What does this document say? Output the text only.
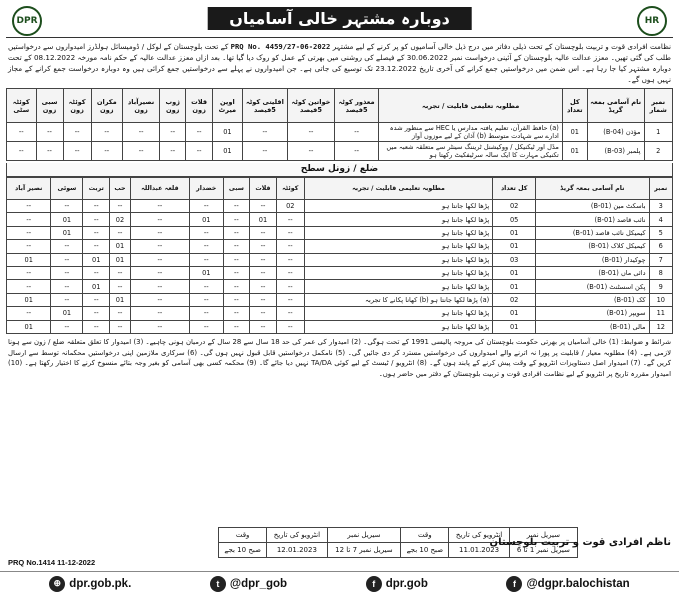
DPR	دوبارہ مشتہر خالی آسامیاں	HR
نظامت افرادی قوت و تربیت بلوچستان کے تحت ذیلی دفاتر میں درج ذیل خالی آسامیوں کو پر کرنے کے لیے مشتہر PRQ No. 4459/27-06-2022 کے تحت بلوچستان کے لوکل / ڈومیسائل ہولڈرز امیدواروں سے درخواستیں طلب کی گئی تھیں۔ معزز عدالت عالیہ بلوچستان کے آئینی درخواست نمبر 30.06.2022 کے فیصلے کی روشنی میں بھرتی کے عمل کو روک دیا گیا تھا۔ بعد ازاں معزز عدالت عالیہ کے حکم نامہ مورخہ 08.12.2022 کے تحت دوبارہ مشتہر کیا جا رہا ہے۔ اس ضمن میں درخواستیں جمع کرانے کی آخری تاریخ 23.12.2022 تک توسیع کی جاتی ہے۔ جن امیدواروں نے پہلے سے درخواستیں جمع کرائی ہیں وہ دوبارہ درخواست جمع کرانے کے مجاز نہیں ہوں گے۔
نمبر شمار	نام آسامی بمعہ گریڈ	کل تعداد	مطلوبہ تعلیمی قابلیت / تجربہ	معذور کوٹہ 5فیصد	خواتین کوٹہ 5فیصد	اقلیتی کوٹہ 5فیصد	اوپن میرٹ	قلات زون	ژوب زون	نصیرآباد زون	مکران زون	کوئٹہ زون	سبی زون	کوئٹہ سٹی
1	مؤذن (B-04)	01	(a) حافظ القرآن، تعلیم یافتہ مدارس یا HEC سے منظور شدہ ادارے سے شہادت متوسط (b) آذان کے لیے موزوں آواز	--	--	--	01	--	--	--	--	--	--	--
2	پلمبر (B-03)	01	مڈل اور ٹیکنیکل / ووکیشنل ٹریننگ سینٹر سے متعلقہ شعبہ میں تکنیکی مہارت کا ایک سالہ سرٹیفکیٹ رکھتا ہو	--	--	--	01	--	--	--	--	--	--	--
ضلع / زونل سطح
نمبر	نام آسامی بمعہ گریڈ	کل تعداد	مطلوبہ تعلیمی قابلیت / تجربہ	کوئٹہ	قلات	سبی	خضدار	قلعہ عبداللہ	حب	تربت	سوئی	نصیر آباد
3	باسکٹ مین (B-01)	02	پڑھا لکھا جانتا ہو	02	--	--	--	--	--	--	--	--
4	نائب قاصد (B-01)	05	پڑھا لکھا جانتا ہو	--	01	--	01	--	02	--	01	--
5	کیمیکل نائب قاصد (B-01)	01	پڑھا لکھا جانتا ہو	--	--	--	--	--	--	--	01	--
6	کیمیکل کلاک (B-01)	01	پڑھا لکھا جانتا ہو	--	--	--	--	--	01	--	--	--
7	چوکیدار (B-01)	03	پڑھا لکھا جانتا ہو	--	--	--	--	--	01	01	--	01
8	دائی ماں (B-01)	01	پڑھا لکھا جانتا ہو	--	--	--	01	--	--	--	--	--
9	پکن اسسٹنٹ (B-01)	01	پڑھا لکھا جانتا ہو	--	--	--	--	--	--	01	--	--
10	کک (B-01)	02	(a) پڑھا لکھا جانتا ہو (b) کھانا پکانے کا تجربہ	--	--	--	--	--	01	--	--	01
11	سویپر (B-01)	01	پڑھا لکھا جانتا ہو	--	--	--	--	--	--	--	01	--
12	مالی (B-01)	01	پڑھا لکھا جانتا ہو	--	--	--	--	--	--	--	--	01
شرائط و ضوابط: (1) خالی آسامیاں پر بھرتی حکومت بلوچستان کی مروجہ پالیسی 1991 کے تحت ہوگی۔ (2) امیدوار کی عمر کی حد 18 سال سے 28 سال کے درمیان ہونی چاہیے۔ (3) امیدوار کا تعلق متعلقہ ضلع / زون سے ہونا لازمی ہے۔ (4) مطلوبہ معیار / قابلیت پر پورا نہ اترنے والے امیدواروں کی درخواستیں مسترد کر دی جائیں گی۔ (5) نامکمل درخواستیں قابل قبول نہیں ہوں گی۔ (6) سرکاری ملازمین اپنی درخواستیں محکمانہ توسط سے ارسال کریں گے۔ (7) امیدوار اصل دستاویزات انٹرویو کے وقت پیش کرنے کے پابند ہوں گے۔ (8) انٹرویو / ٹیسٹ کے لیے کوئی TA/DA نہیں دیا جائے گا۔ (9) محکمہ کسی بھی آسامی کو بغیر وجہ بتائے منسوخ کرنے کا اختیار رکھتا ہے۔ (10) امیدوار مقررہ تاریخ پر انٹرویو کے لیے نظامت افرادی قوت و تربیت بلوچستان کے دفتر میں حاضر ہوں۔
PRQ No.1414 11-12-2022
سیریل نمبر	انٹرویو کی تاریخ	وقت	سیریل نمبر	انٹرویو کی تاریخ	وقت
سیریل نمبر 1 تا 6	11.01.2023	صبح 10 بجے	سیریل نمبر 7 تا 12	12.01.2023	صبح 10 بجے
ناظم افرادی قوت و تربیت بلوچستان
⊕ dpr.gob.pk.	t @dpr_gob	f dpr.gob	f @dgpr.balochistan
